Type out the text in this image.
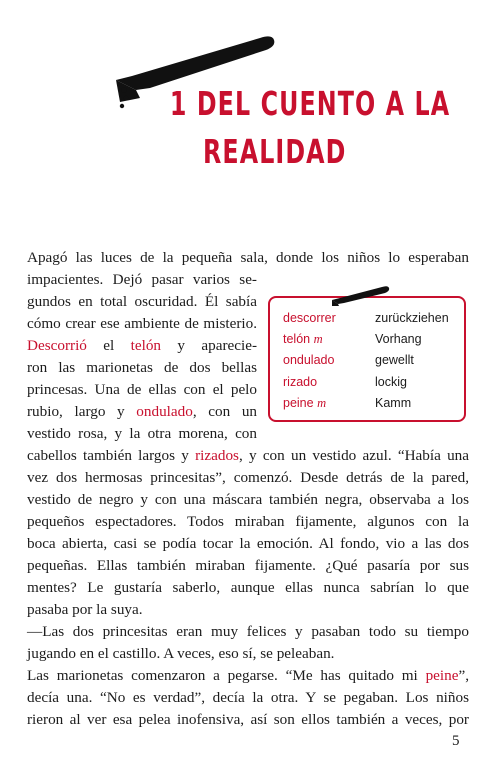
1 DEL CUENTO A LA
REALIDAD
Apagó las luces de la pequeña sala, donde los niños lo esperaban
impacientes. Dejó pasar varios se-
gundos en total oscuridad. Él sabía
cómo crear ese ambiente de misterio.
Descorrió el telón y aparecie-
ron las marionetas de dos bellas
princesas. Una de ellas con el pelo
rubio, largo y ondulado, con un
vestido rosa, y la otra morena, con
cabellos también largos y rizados, y con un vestido azul. “Había una
vez dos hermosas princesitas”, comenzó. Desde detrás de la pared,
vestido de negro y con una máscara también negra, observaba a los
pequeños espectadores. Todos miraban fijamente, algunos con la
boca abierta, casi se podía tocar la emoción. Al fondo, vio a las dos
pequeñas. Ellas también miraban fijamente. ¿Qué pasaría por sus
mentes? Le gustaría saberlo, aunque ellas nunca sabrían lo que
pasaba por la suya.
—Las dos princesitas eran muy felices y pasaban todo su tiempo
jugando en el castillo. A veces, eso sí, se peleaban.
Las marionetas comenzaron a pegarse. “Me has quitado mi peine”,
decía una. “No es verdad”, decía la otra. Y se pegaban. Los niños
rieron al ver esa pelea inofensiva, así son ellos también a veces, por
descorrer	zurückziehen
telón m	Vorhang
ondulado	gewellt
rizado	lockig
peine m	Kamm
5
